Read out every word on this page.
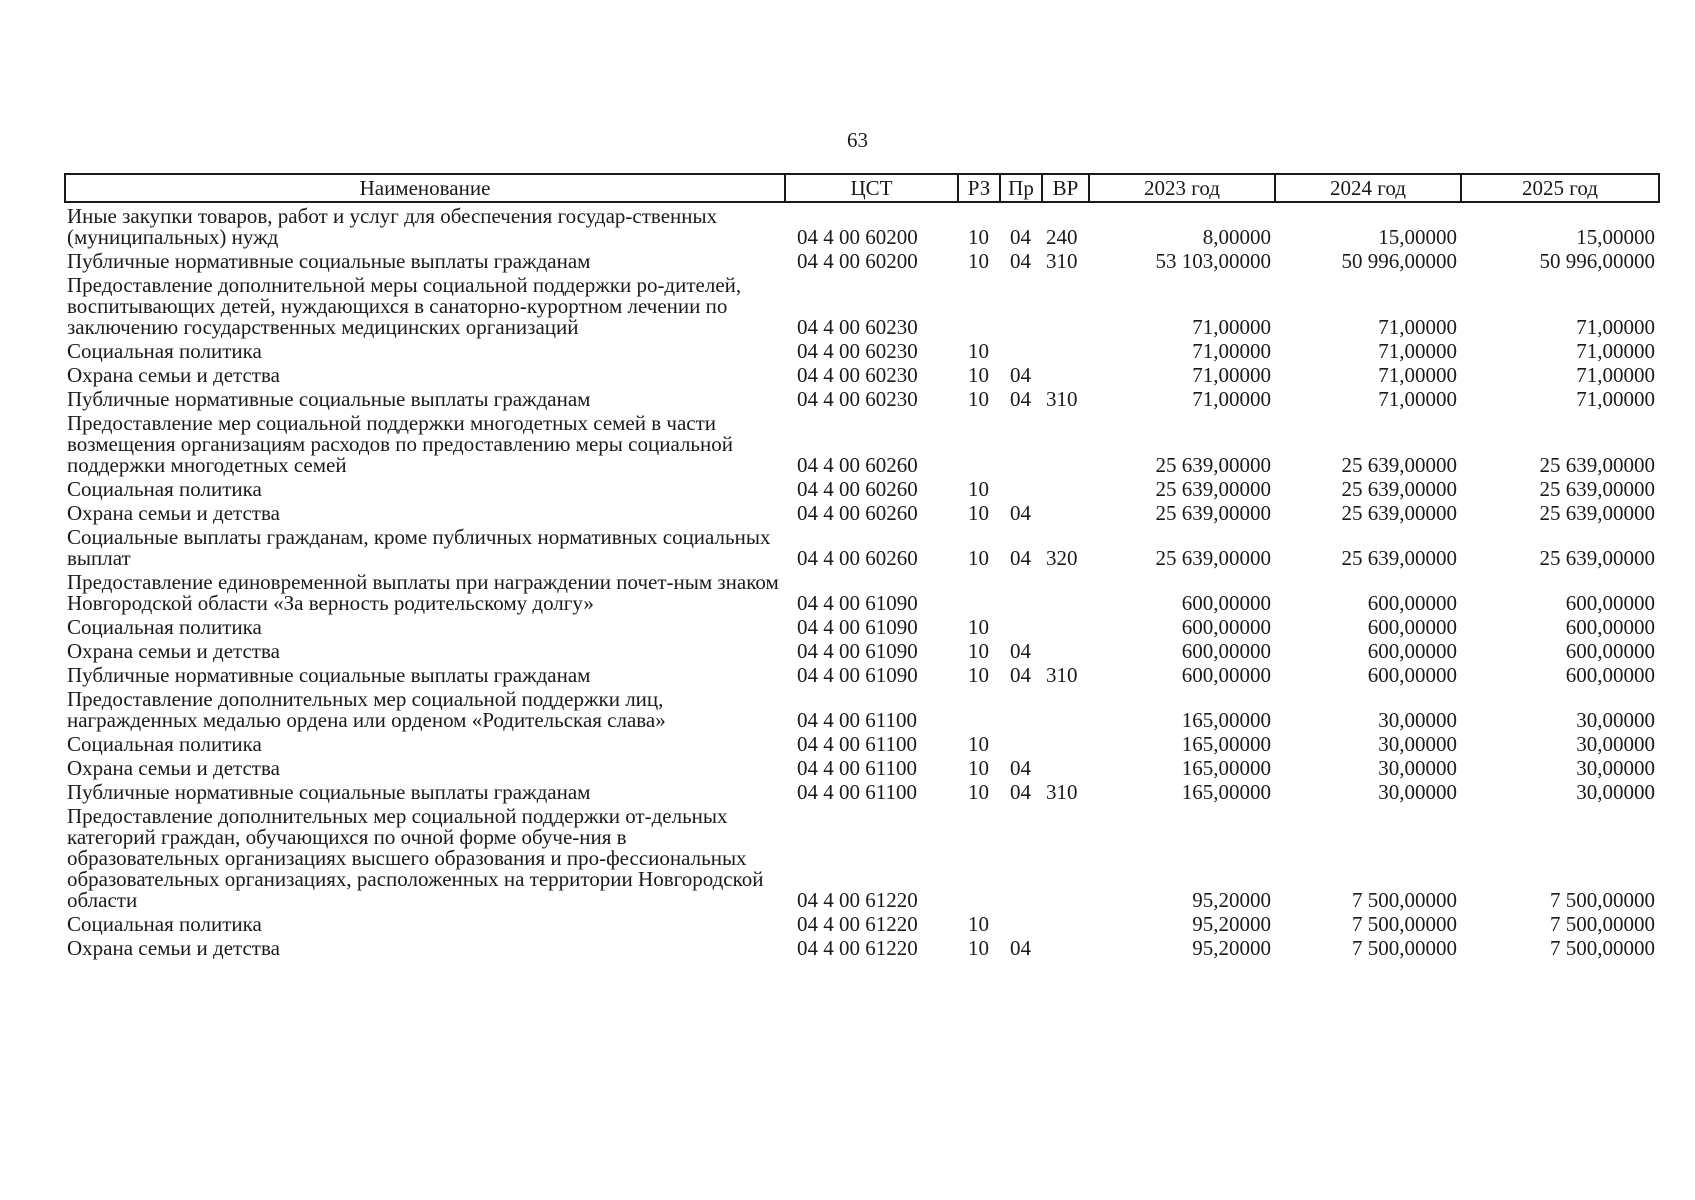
63
Наименование	ЦСТ	РЗ	Пр	ВР	2023 год	2024 год	2025 год
Иные закупки товаров, работ и услуг для обеспечения государ-ственных (муниципальных) нужд	04 4 00 60200	10	04	240	8,00000	15,00000	15,00000
Публичные нормативные социальные выплаты гражданам	04 4 00 60200	10	04	310	53 103,00000	50 996,00000	50 996,00000
Предоставление дополнительной меры социальной поддержки ро-дителей, воспитывающих детей, нуждающихся в санаторно-курортном лечении по заключению государственных медицинских организаций	04 4 00 60230				71,00000	71,00000	71,00000
Социальная политика	04 4 00 60230	10			71,00000	71,00000	71,00000
Охрана семьи и детства	04 4 00 60230	10	04		71,00000	71,00000	71,00000
Публичные нормативные социальные выплаты гражданам	04 4 00 60230	10	04	310	71,00000	71,00000	71,00000
Предоставление мер социальной поддержки многодетных семей в части возмещения организациям расходов по предоставлению меры социальной поддержки многодетных семей	04 4 00 60260				25 639,00000	25 639,00000	25 639,00000
Социальная политика	04 4 00 60260	10			25 639,00000	25 639,00000	25 639,00000
Охрана семьи и детства	04 4 00 60260	10	04		25 639,00000	25 639,00000	25 639,00000
Социальные выплаты гражданам, кроме публичных нормативных социальных выплат	04 4 00 60260	10	04	320	25 639,00000	25 639,00000	25 639,00000
Предоставление единовременной выплаты при награждении почет-ным знаком Новгородской области «За верность родительскому долгу»	04 4 00 61090				600,00000	600,00000	600,00000
Социальная политика	04 4 00 61090	10			600,00000	600,00000	600,00000
Охрана семьи и детства	04 4 00 61090	10	04		600,00000	600,00000	600,00000
Публичные нормативные социальные выплаты гражданам	04 4 00 61090	10	04	310	600,00000	600,00000	600,00000
Предоставление дополнительных мер социальной поддержки лиц, награжденных медалью ордена или орденом «Родительская слава»	04 4 00 61100				165,00000	30,00000	30,00000
Социальная политика	04 4 00 61100	10			165,00000	30,00000	30,00000
Охрана семьи и детства	04 4 00 61100	10	04		165,00000	30,00000	30,00000
Публичные нормативные социальные выплаты гражданам	04 4 00 61100	10	04	310	165,00000	30,00000	30,00000
Предоставление дополнительных мер социальной поддержки от-дельных категорий граждан, обучающихся по очной форме обуче-ния в образовательных организациях высшего образования и про-фессиональных образовательных организациях, расположенных на территории Новгородской области	04 4 00 61220				95,20000	7 500,00000	7 500,00000
Социальная политика	04 4 00 61220	10			95,20000	7 500,00000	7 500,00000
Охрана семьи и детства	04 4 00 61220	10	04		95,20000	7 500,00000	7 500,00000
